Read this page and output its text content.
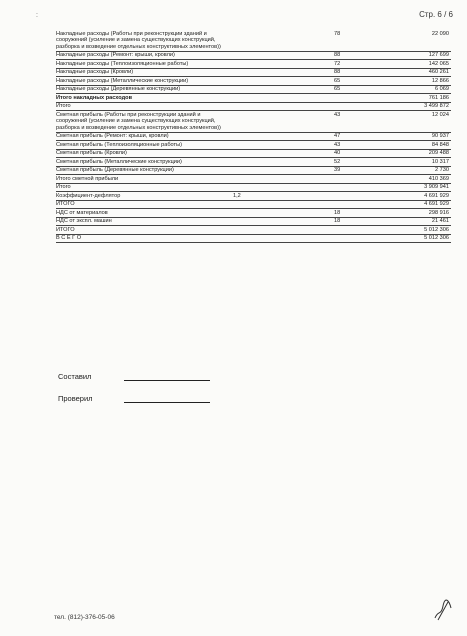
:	Стр. 6 / 6
Накладные расходы (Работы при реконструкции зданий и сооружений (усиление и замена существующих конструкций, разборка и возведение отдельных конструктивных элементов))		78	22 090
Накладные расходы (Ремонт: крыши, кровли)		88	127 699
Накладные расходы (Теплоизоляционные работы)		72	142 065
Накладные расходы (Кровли)		88	460 261
Накладные расходы (Металлические конструкции)		65	12 866
Накладные расходы (Деревянные конструкции)		65	6 069
Итого накладных расходов			761 186
Итого			3 499 872
Сметная прибыль (Работы при реконструкции зданий и сооружений (усиление и замена существующих конструкций, разборка и возведение отдельных конструктивных элементов))		43	12 024
Сметная прибыль (Ремонт: крыши, кровли)		47	90 937
Сметная прибыль (Теплоизоляционные работы)		43	84 848
Сметная прибыль (Кровли)		40	209 488
Сметная прибыль (Металлические конструкции)		52	10 317
Сметная прибыль (Деревянные конструкции)		39	2 730
Итого сметной прибыли			410 369
Итого			3 909 941
Коэффициент-дефлятор	1,2		4 691 929
ИТОГО			4 691 929
НДС от материалов		18	298 916
НДС от экспл. машин		18	21 461
ИТОГО			5 012 306
В С Е Г О			5 012 306
Составил
Проверил
тел. (812)-376-05-06
